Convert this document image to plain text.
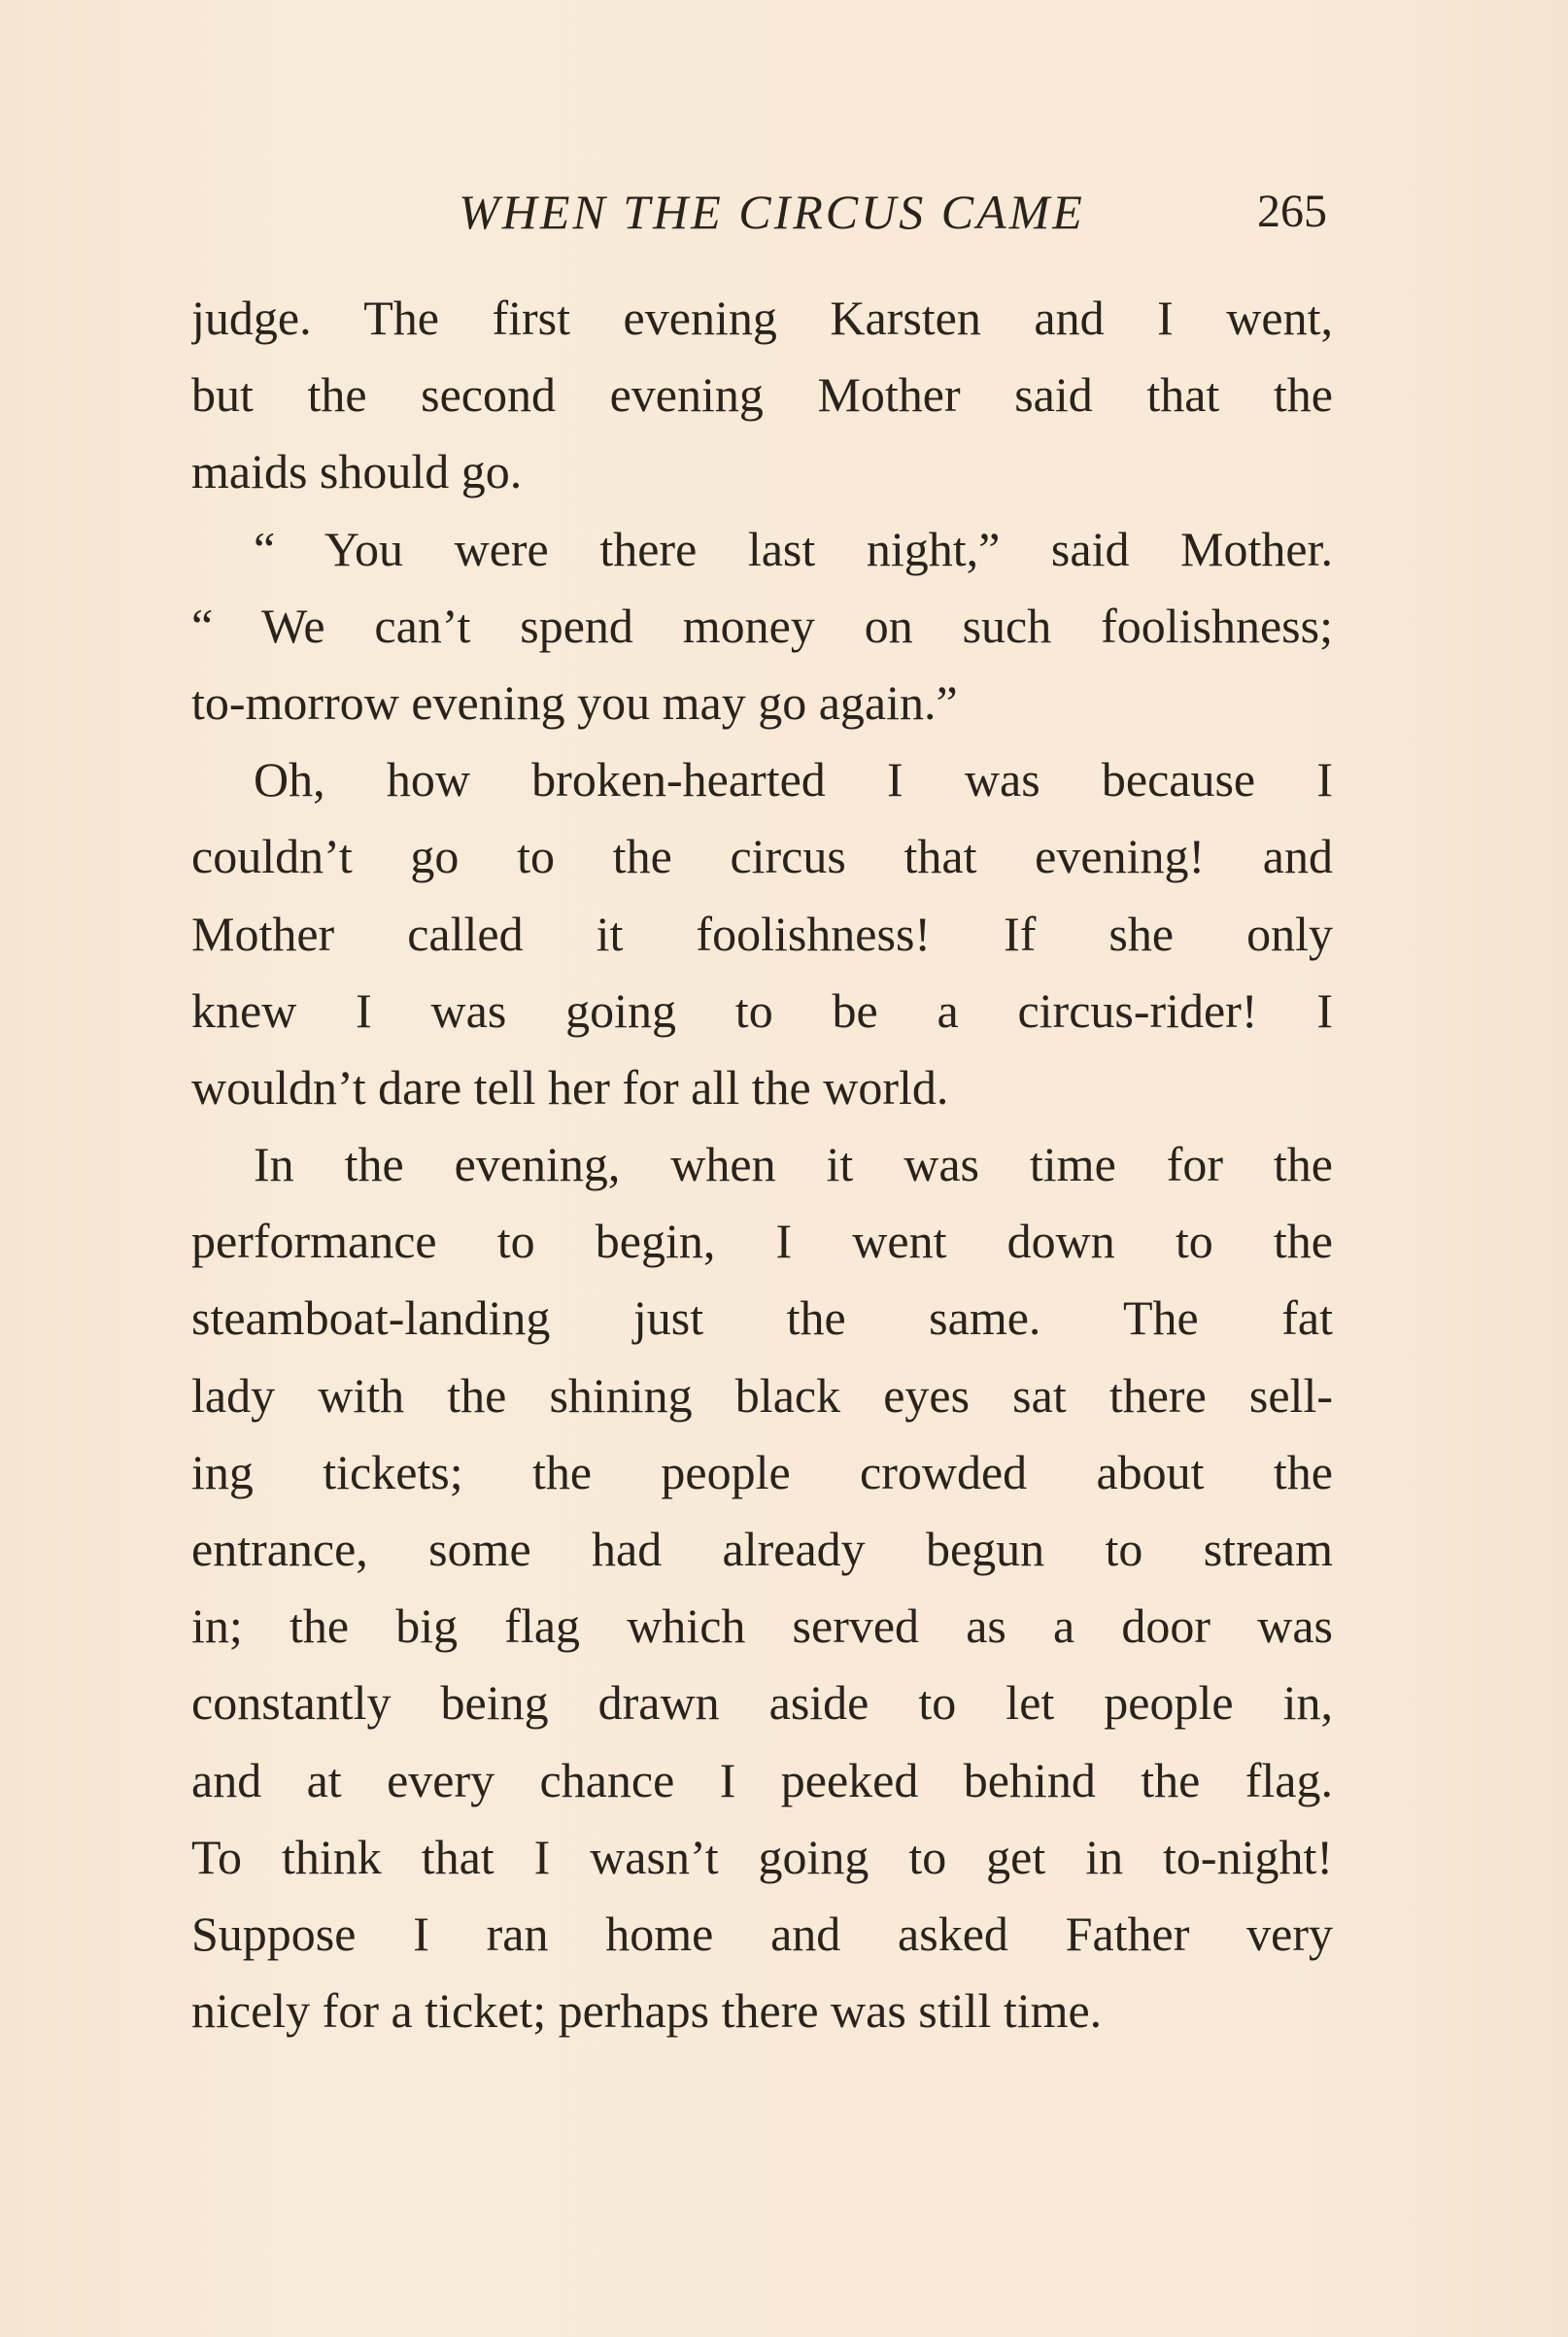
WHEN THE CIRCUS CAME	265
judge. The first evening Karsten and I went,
but the second evening Mother said that the
maids should go.
“ You were there last night,” said Mother.
“ We can’t spend money on such foolishness;
to-morrow evening you may go again.”
Oh, how broken-hearted I was because I
couldn’t go to the circus that evening! and
Mother called it foolishness! If she only
knew I was going to be a circus-rider! I
wouldn’t dare tell her for all the world.
In the evening, when it was time for the
performance to begin, I went down to the
steamboat-landing just the same. The fat
lady with the shining black eyes sat there sell-
ing tickets; the people crowded about the
entrance, some had already begun to stream
in; the big flag which served as a door was
constantly being drawn aside to let people in,
and at every chance I peeked behind the flag.
To think that I wasn’t going to get in to-night!
Suppose I ran home and asked Father very
nicely for a ticket; perhaps there was still time.
